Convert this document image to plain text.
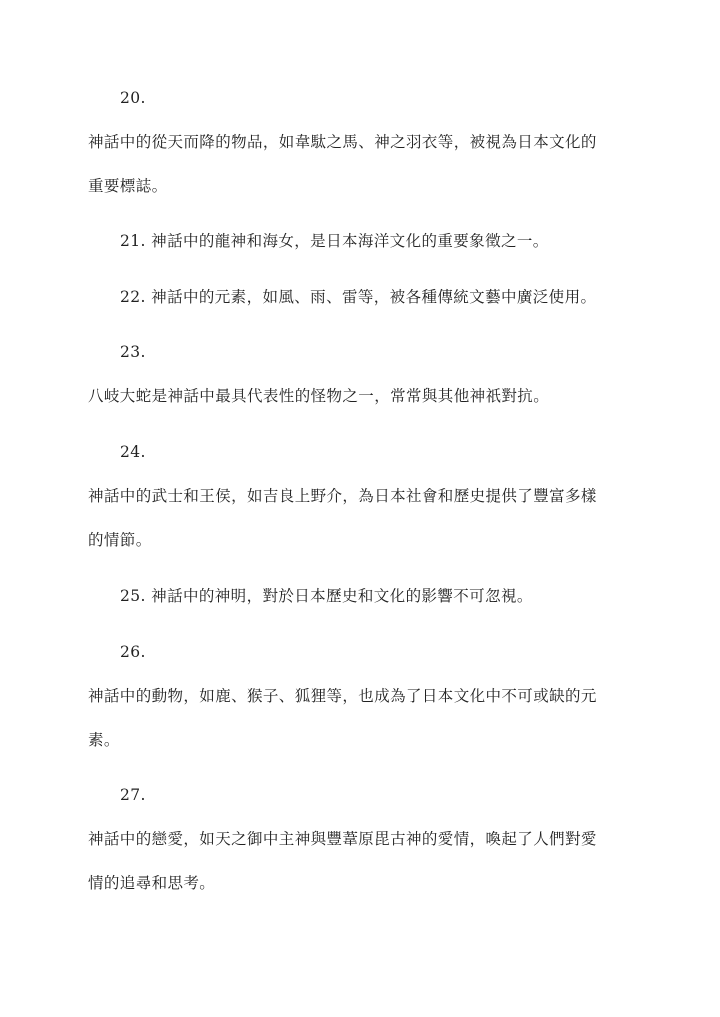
20.
神話中的從天而降的物品，如韋駄之馬、神之羽衣等，被視為日本文化的
重要標誌。
21. 神話中的龍神和海女，是日本海洋文化的重要象徵之一。
22. 神話中的元素，如風、雨、雷等，被各種傳統文藝中廣泛使用。
23.
八岐大蛇是神話中最具代表性的怪物之一，常常與其他神祇對抗。
24.
神話中的武士和王侯，如吉良上野介，為日本社會和歷史提供了豐富多樣
的情節。
25. 神話中的神明，對於日本歷史和文化的影響不可忽視。
26.
神話中的動物，如鹿、猴子、狐狸等，也成為了日本文化中不可或缺的元
素。
27.
神話中的戀愛，如天之御中主神與豐葦原毘古神的愛情，喚起了人們對愛
情的追尋和思考。
